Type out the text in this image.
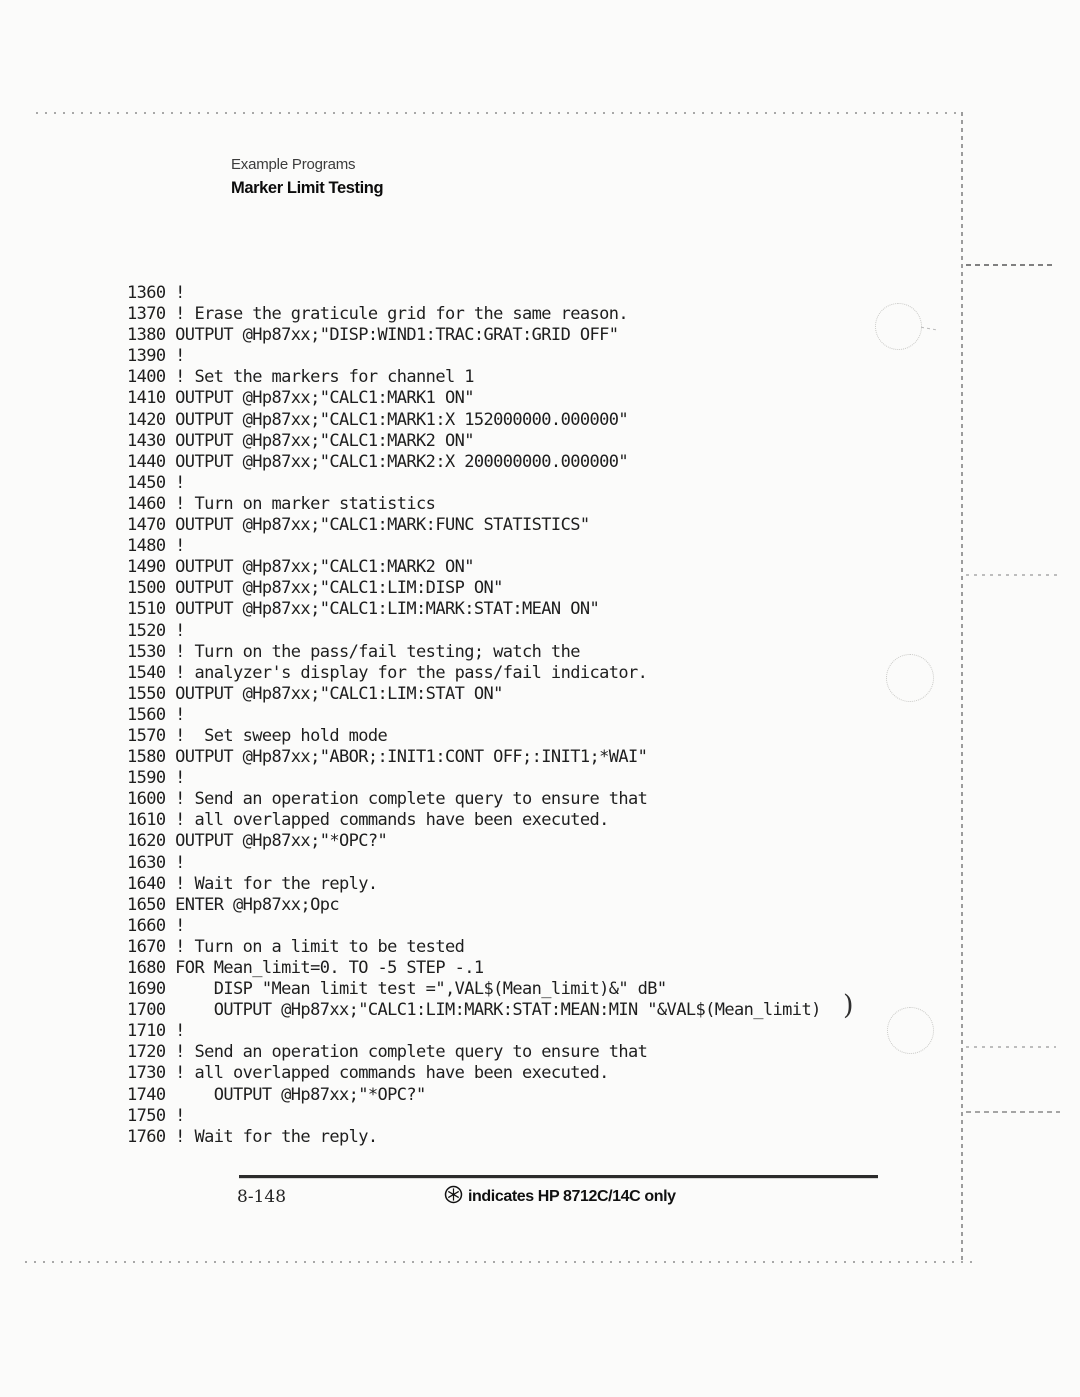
)
Example Programs
Marker Limit Testing
1360 !
1370 ! Erase the graticule grid for the same reason.
1380 OUTPUT @Hp87xx;"DISP:WIND1:TRAC:GRAT:GRID OFF"
1390 !
1400 ! Set the markers for channel 1
1410 OUTPUT @Hp87xx;"CALC1:MARK1 ON"
1420 OUTPUT @Hp87xx;"CALC1:MARK1:X 152000000.000000"
1430 OUTPUT @Hp87xx;"CALC1:MARK2 ON"
1440 OUTPUT @Hp87xx;"CALC1:MARK2:X 200000000.000000"
1450 !
1460 ! Turn on marker statistics
1470 OUTPUT @Hp87xx;"CALC1:MARK:FUNC STATISTICS"
1480 !
1490 OUTPUT @Hp87xx;"CALC1:MARK2 ON"
1500 OUTPUT @Hp87xx;"CALC1:LIM:DISP ON"
1510 OUTPUT @Hp87xx;"CALC1:LIM:MARK:STAT:MEAN ON"
1520 !
1530 ! Turn on the pass/fail testing; watch the
1540 ! analyzer's display for the pass/fail indicator.
1550 OUTPUT @Hp87xx;"CALC1:LIM:STAT ON"
1560 !
1570 !  Set sweep hold mode
1580 OUTPUT @Hp87xx;"ABOR;:INIT1:CONT OFF;:INIT1;*WAI"
1590 !
1600 ! Send an operation complete query to ensure that
1610 ! all overlapped commands have been executed.
1620 OUTPUT @Hp87xx;"*OPC?"
1630 !
1640 ! Wait for the reply.
1650 ENTER @Hp87xx;Opc
1660 !
1670 ! Turn on a limit to be tested
1680 FOR Mean_limit=0. TO -5 STEP -.1
1690     DISP "Mean limit test =",VAL$(Mean_limit)&" dB"
1700     OUTPUT @Hp87xx;"CALC1:LIM:MARK:STAT:MEAN:MIN "&VAL$(Mean_limit)
1710 !
1720 ! Send an operation complete query to ensure that
1730 ! all overlapped commands have been executed.
1740     OUTPUT @Hp87xx;"*OPC?"
1750 !
1760 ! Wait for the reply.
8-148	indicates HP 8712C/14C only
